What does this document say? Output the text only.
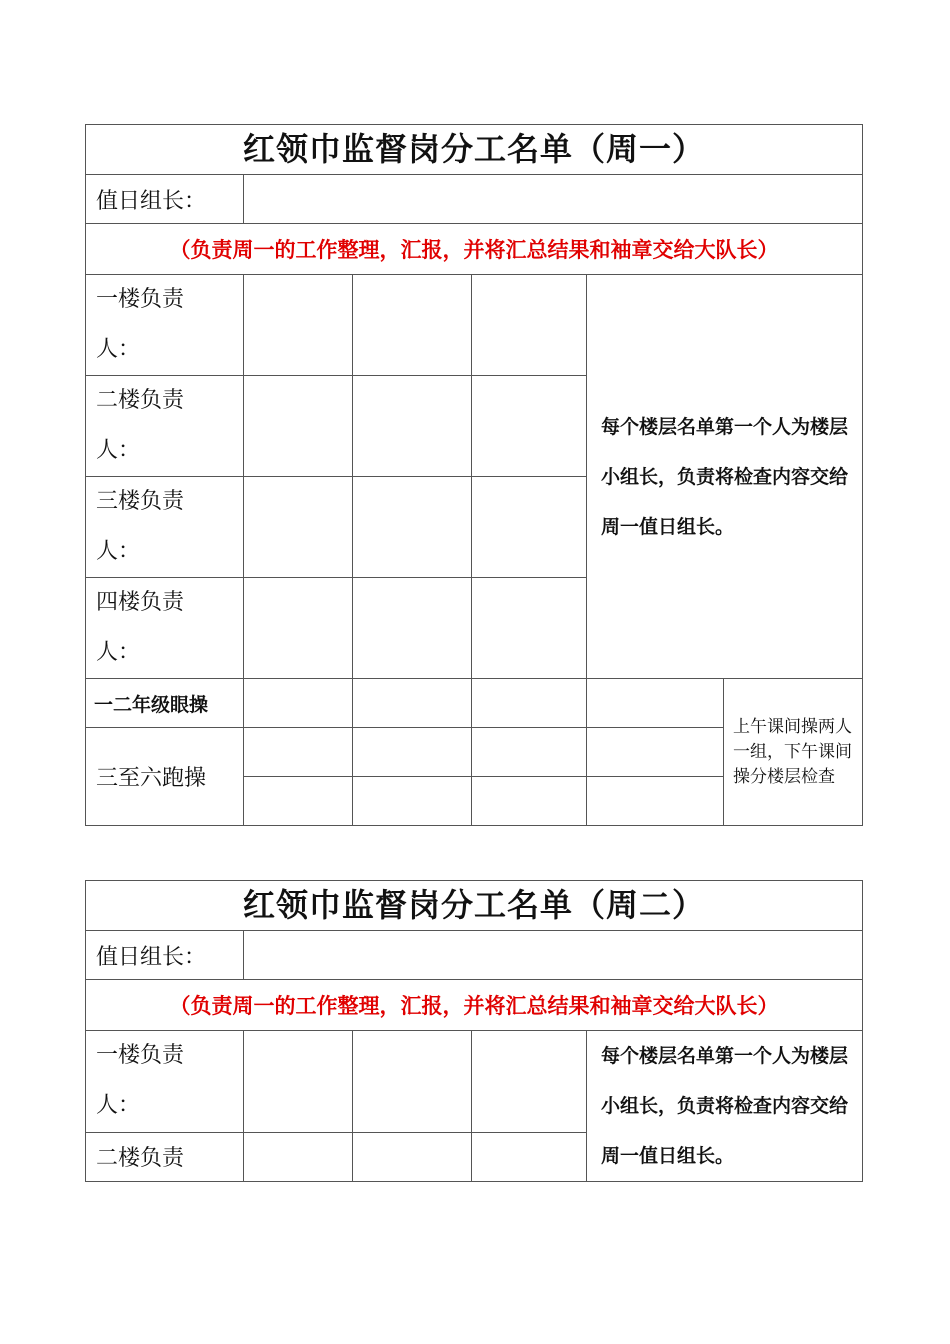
红领巾监督岗分工名单（周一）					
值日组长：					
（负责周一的工作整理，汇报，并将汇总结果和袖章交给大队长）					
一楼负责
人：				每个楼层名单第一个人为楼层小组长，负责将检查内容交给周一值日组长。	
二楼负责
人：					
三楼负责
人：					
四楼负责
人：					
一二年级眼操					上午课间操两人一组，下午课间操分楼层检查
三至六跑操					

红领巾监督岗分工名单（周二）				
值日组长：				
（负责周一的工作整理，汇报，并将汇总结果和袖章交给大队长）				
一楼负责
人：				每个楼层名单第一个人为楼层小组长，负责将检查内容交给周一值日组长。
二楼负责				
